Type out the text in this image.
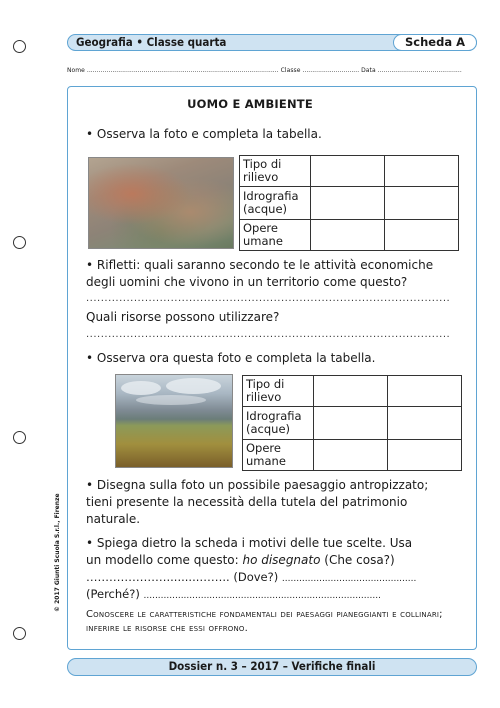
Geografia • Classe quarta	Scheda A
Nome .................................................................................................. Classe ............................. Data ...........................................
UOMO E AMBIENTE
• Osserva la foto e completa la tabella.
Tipo di
rilievo		
Idrografia
(acque)		
Opere
umane		
• Rifletti: quali saranno secondo te le attività economiche
degli uomini che vivono in un territorio come questo?
...................................................................................................
Quali risorse possono utilizzare?
...................................................................................................
• Osserva ora questa foto e completa la tabella.
Tipo di
rilievo		
Idrografia
(acque)		
Opere
umane		
• Disegna sulla foto un possibile paesaggio antropizzato;
tieni presente la necessità della tutela del patrimonio
naturale.
• Spiega dietro la scheda i motivi delle tue scelte. Usa
un modello come questo: ho disegnato (Che cosa?)
………………….........…….. (Dove?) ...............................................
(Perché?) ...................................................................................
Conoscere le caratteristiche fondamentali dei paesaggi pianeggianti e collinari; inferire le risorse che essi offrono.
© 2017 Giunti Scuola S.r.l., Firenze
Dossier n. 3 – 2017 – Verifiche finali
